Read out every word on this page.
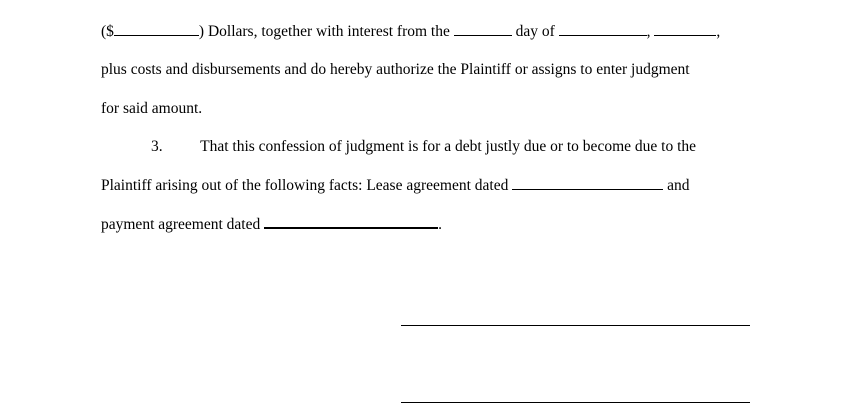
($	) Dollars, together with interest from the	day of	,	,
plus costs and disbursements and do hereby authorize the Plaintiff or assigns to enter judgment
for said amount.
3. That this confession of judgment is for a debt justly due or to become due to the
Plaintiff arising out of the following facts: Lease agreement dated	and
payment agreement dated	.
